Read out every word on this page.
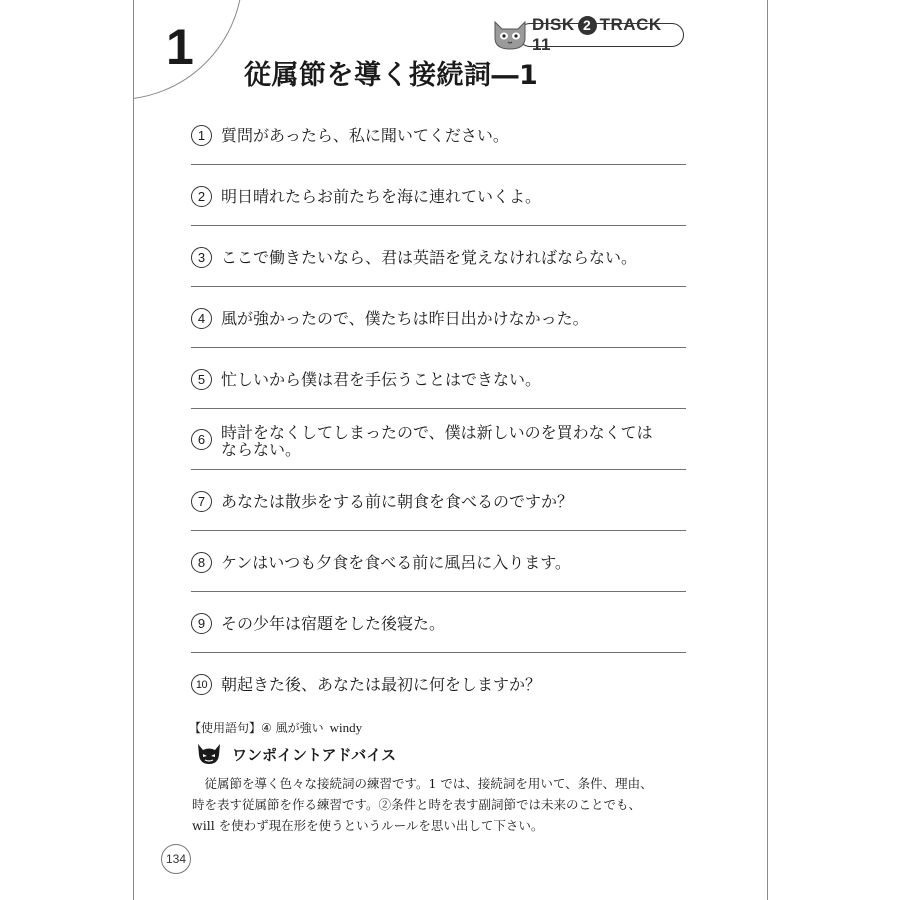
1	DISK 2 TRACK 11
従属節を導く接続詞―1
1 質問があったら、私に聞いてください。
2 明日晴れたらお前たちを海に連れていくよ。
3 ここで働きたいなら、君は英語を覚えなければならない。
4 風が強かったので、僕たちは昨日出かけなかった。
5 忙しいから僕は君を手伝うことはできない。
6 時計をなくしてしまったので、僕は新しいのを買わなくては
ならない。
7 あなたは散歩をする前に朝食を食べるのですか？
8 ケンはいつも夕食を食べる前に風呂に入ります。
9 その少年は宿題をした後寝た。
10 朝起きた後、あなたは最初に何をしますか？
【使用語句】④ 風が強い windy
ワンポイントアドバイス
　従属節を導く色々な接続詞の練習です。1 では、接続詞を用いて、条件、理由、
時を表す従属節を作る練習です。②条件と時を表す副詞節では未来のことでも、
will を使わず現在形を使うというルールを思い出して下さい。
134
